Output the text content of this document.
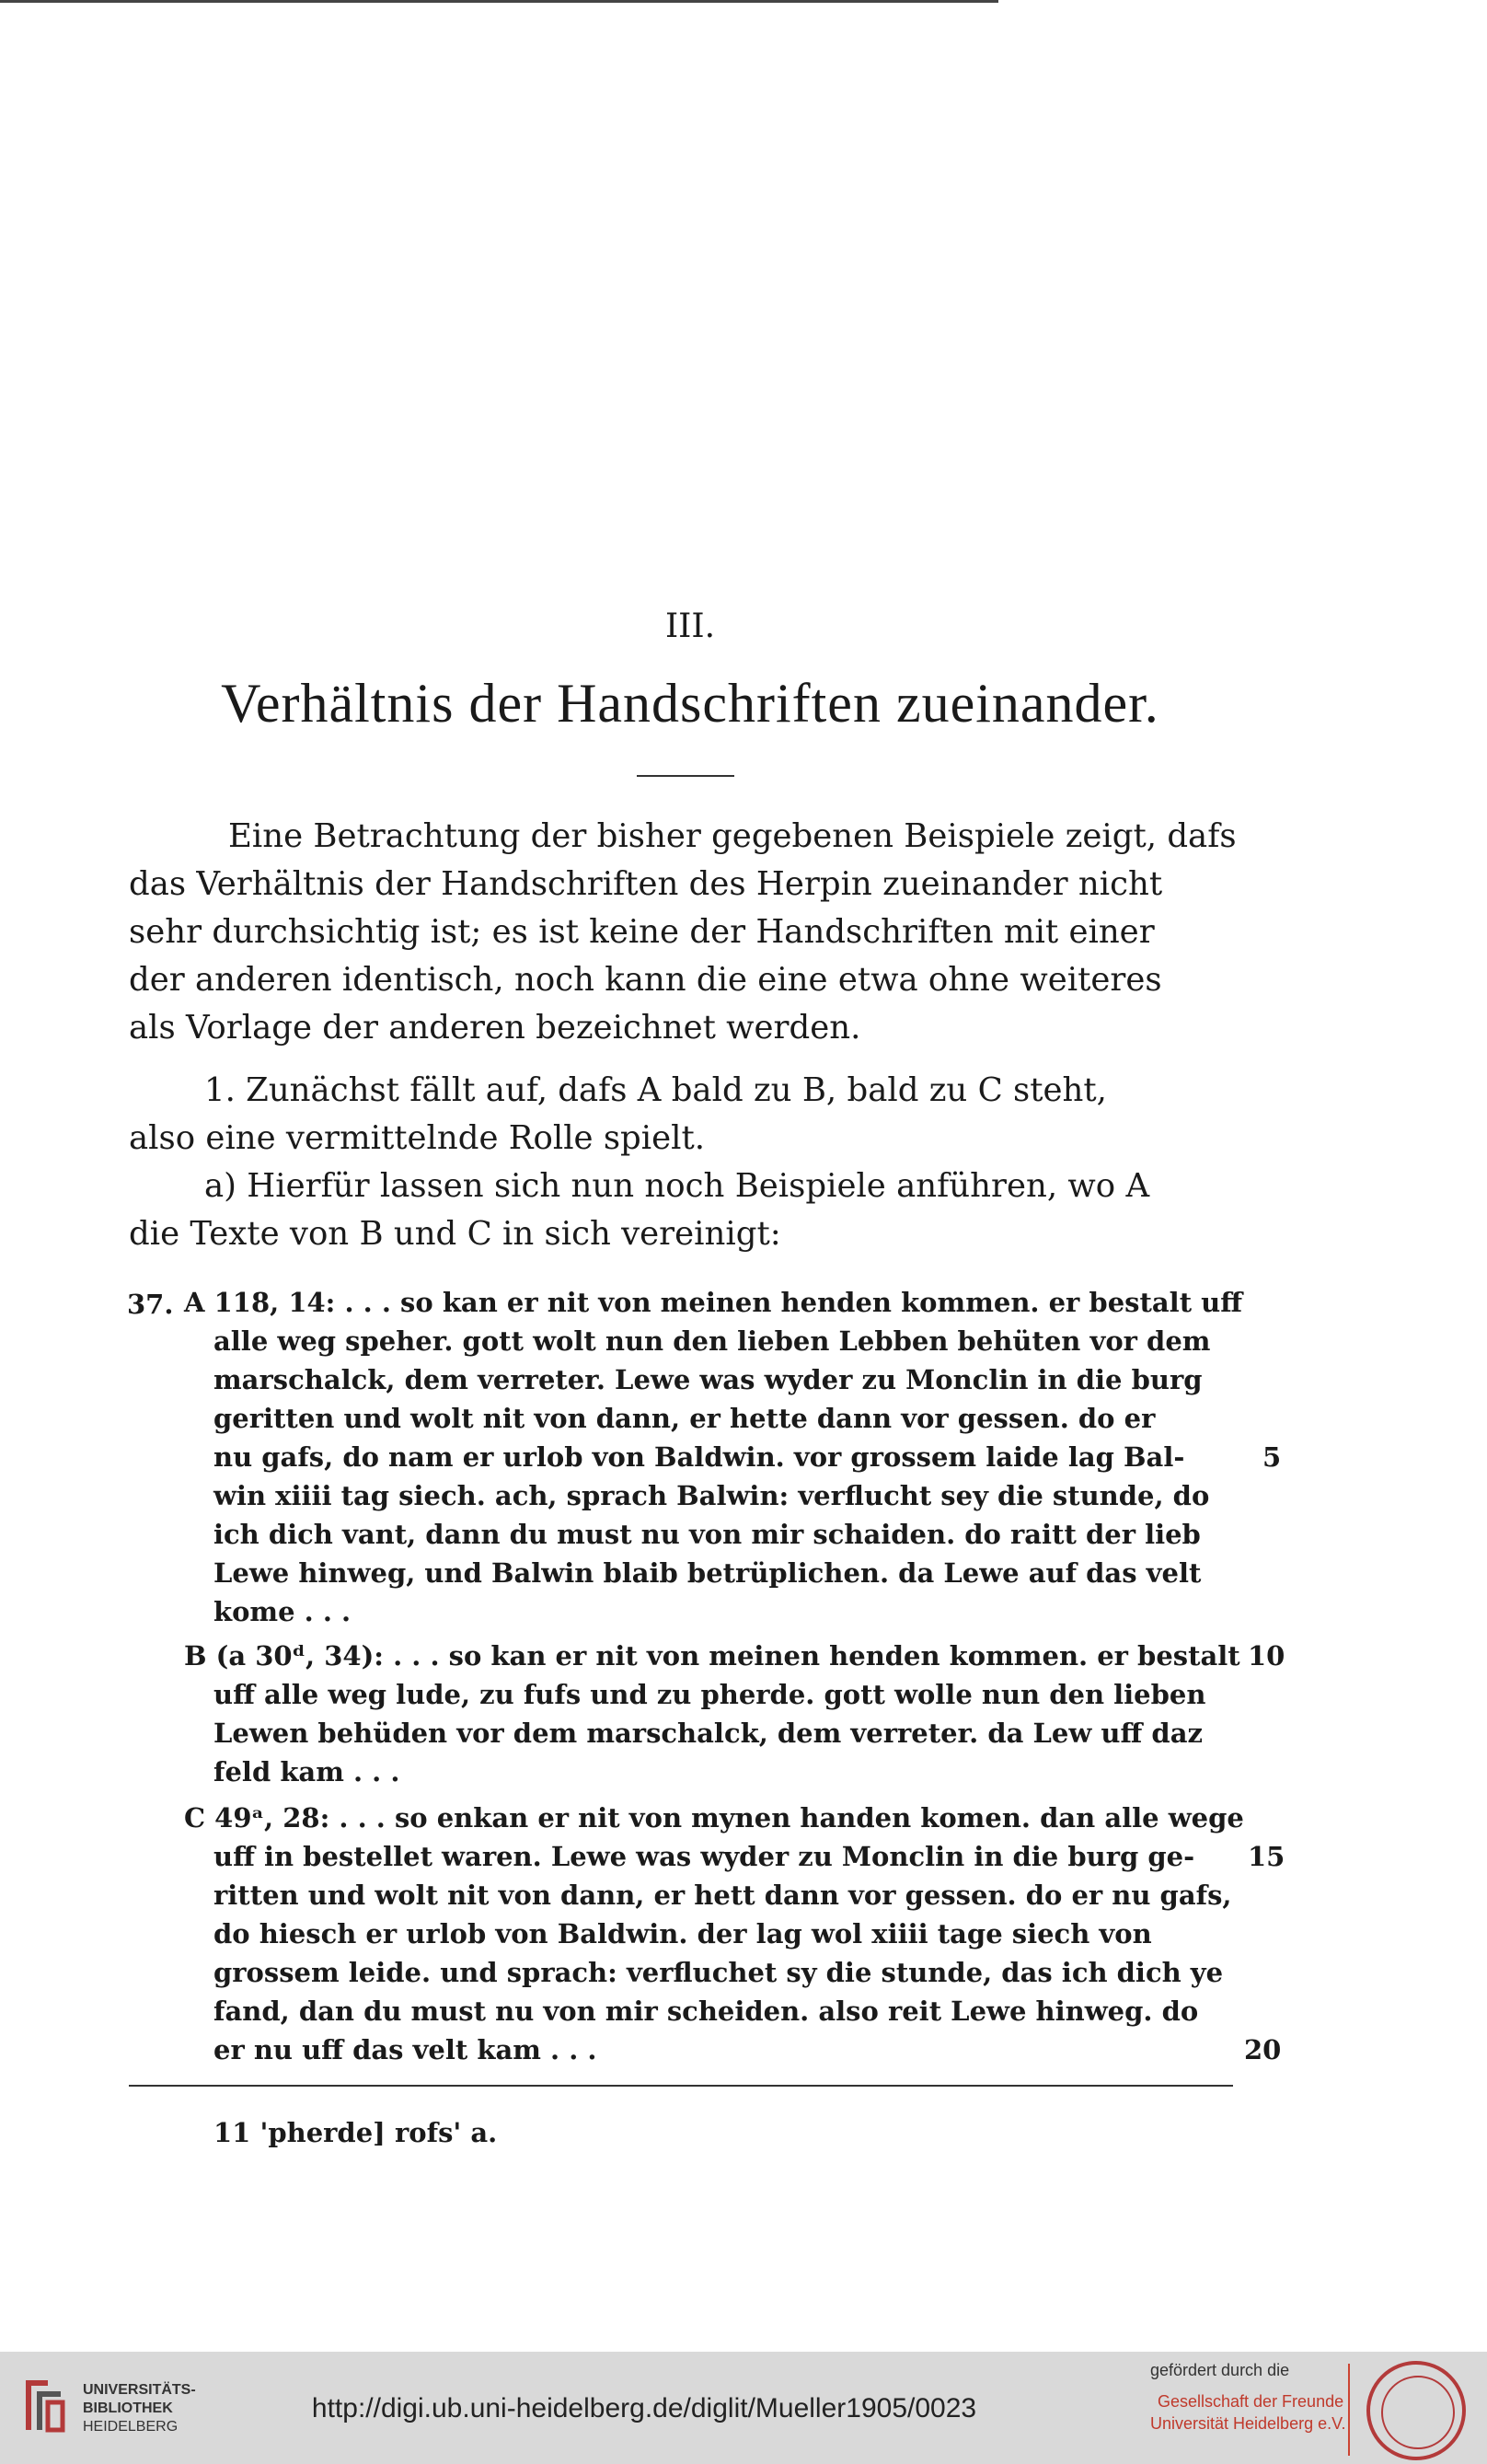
III.
Verhältnis der Handschriften zueinander.
Eine Betrachtung der bisher gegebenen Beispiele zeigt, dafs
das Verhältnis der Handschriften des Herpin zueinander nicht
sehr durchsichtig ist; es ist keine der Handschriften mit einer
der anderen identisch, noch kann die eine etwa ohne weiteres
als Vorlage der anderen bezeichnet werden.
1. Zunächst fällt auf, dafs A bald zu B, bald zu C steht,
also eine vermittelnde Rolle spielt.
a) Hierfür lassen sich nun noch Beispiele anführen, wo A
die Texte von B und C in sich vereinigt:
37. A 118, 14: . . . so kan er nit von meinen henden kommen. er bestalt uff
alle weg speher. gott wolt nun den lieben Lebben behüten vor dem
marschalck, dem verreter. Lewe was wyder zu Monclin in die burg
geritten und wolt nit von dann, er hette dann vor gessen. do er
nu gafs, do nam er urlob von Baldwin. vor grossem laide lag Bal-
win xiiii tag siech. ach, sprach Balwin: verflucht sey die stunde, do
ich dich vant, dann du must nu von mir schaiden. do raitt der lieb
Lewe hinweg, und Balwin blaib betrüplichen. da Lewe auf das velt
kome . . .
B (a 30ᵈ, 34): . . . so kan er nit von meinen henden kommen. er bestalt
uff alle weg lude, zu fufs und zu pherde. gott wolle nun den lieben
Lewen behüden vor dem marschalck, dem verreter. da Lew uff daz
feld kam . . .
C 49ᵃ, 28: . . . so enkan er nit von mynen handen komen. dan alle wege
uff in bestellet waren. Lewe was wyder zu Monclin in die burg ge-
ritten und wolt nit von dann, er hett dann vor gessen. do er nu gafs,
do hiesch er urlob von Baldwin. der lag wol xiiii tage siech von
grossem leide. und sprach: verfluchet sy die stunde, das ich dich ye
fand, dan du must nu von mir scheiden. also reit Lewe hinweg. do
er nu uff das velt kam . . .
5
10
15
20
11 'pherde] rofs' a.
UNIVERSITÄTS-
BIBLIOTHEK
HEIDELBERG
http://digi.ub.uni-heidelberg.de/diglit/Mueller1905/0023
gefördert durch die
Gesellschaft der Freunde
Universität Heidelberg e.V.
